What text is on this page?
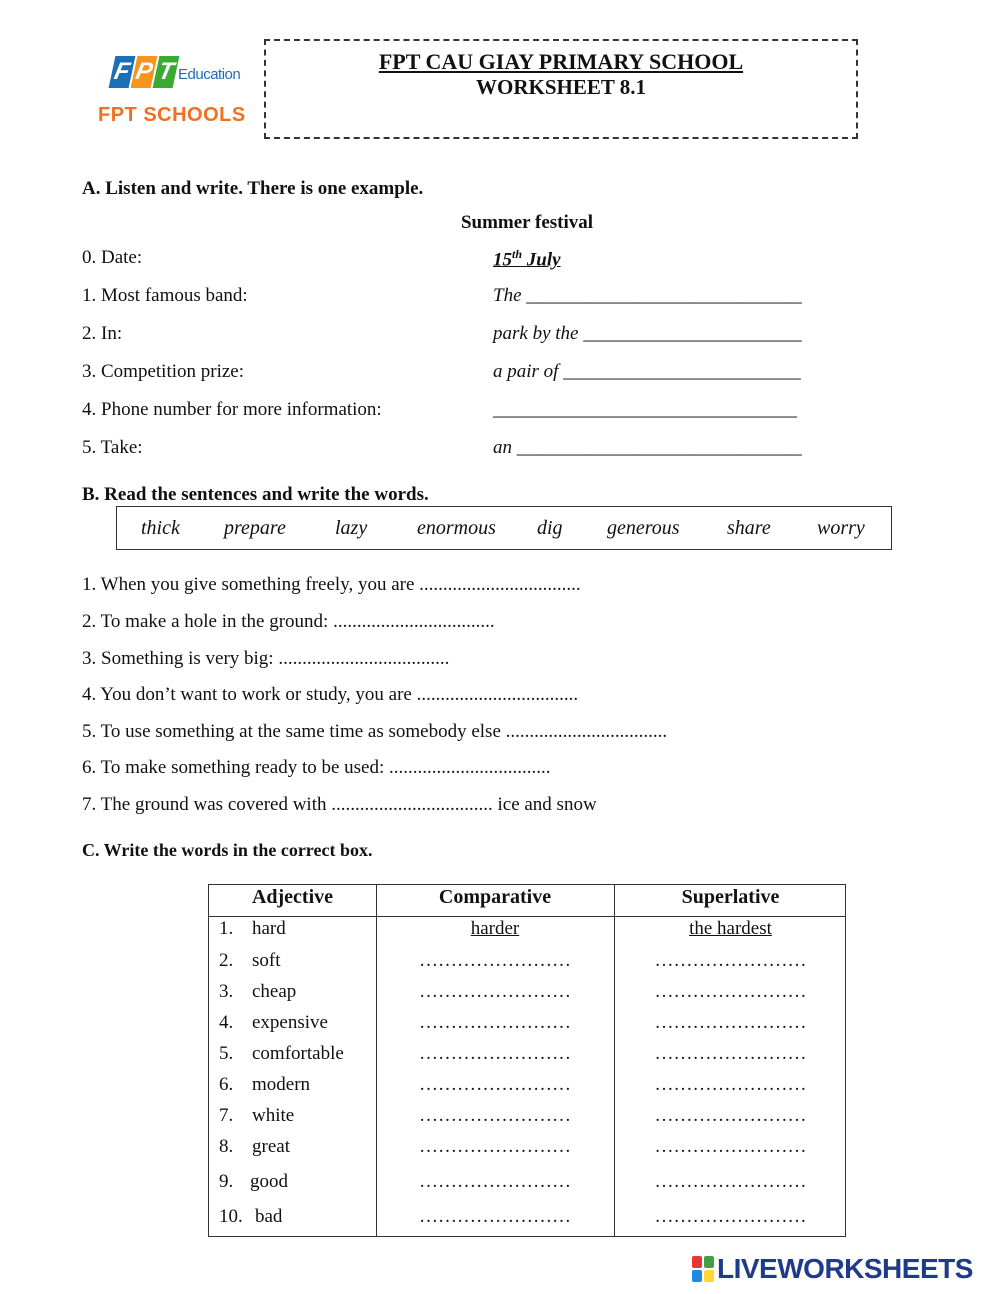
F P T Education
FPT SCHOOLS
FPT CAU GIAY PRIMARY SCHOOL
WORKSHEET 8.1
A. Listen and write. There is one example.
Summer festival
0. Date:	15th July
1. Most famous band:	The _____________________________
2. In:	park by the _______________________
3. Competition prize:	a pair of _________________________
4. Phone number for more information:	________________________________
5. Take:	an ______________________________
B. Read the sentences and write the words.
thick prepare lazy enormous dig generous share worry
1. When you give something freely, you are ..................................
2. To make a hole in the ground: ..................................
3. Something is very big: ....................................
4. You don’t want to work or study, you are ..................................
5. To use something at the same time as somebody else ..................................
6. To make something ready to be used: ..................................
7. The ground was covered with .................................. ice and snow
C. Write the words in the correct box.
Adjective	Comparative	Superlative
1. hard	harder	the hardest
2. soft	……………………	……………………
3. cheap	……………………	……………………
4. expensive	……………………	……………………
5. comfortable	……………………	……………………
6. modern	……………………	……………………
7. white	……………………	……………………
8. great	……………………	……………………
9. good	……………………	……………………
10. bad	……………………	……………………
LIVEWORKSHEETS
